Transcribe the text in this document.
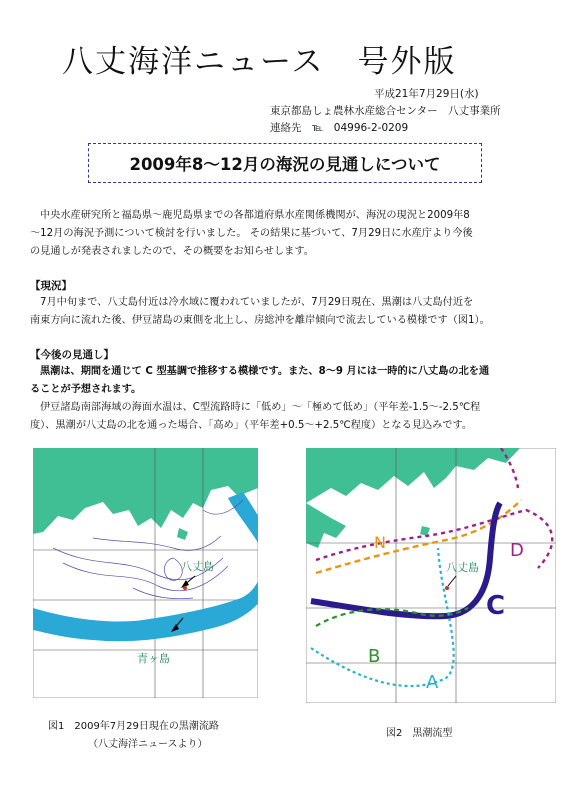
八丈海洋ニュース　号外版
平成21年7月29日(水)
東京都島しょ農林水産総合センター　八丈事業所
連絡先　℡　04996-2-0209
2009年8～12月の海況の見通しについて
中央水産研究所と福島県～鹿児島県までの各都道府県水産関係機関が、海況の現況と2009年8
～12月の海況予測について検討を行いました。 その結果に基づいて、7月29日に水産庁より今後
の見通しが発表されましたので、その概要をお知らせします。
【現況】
7月中旬まで、八丈島付近は冷水域に覆われていましたが、7月29日現在、黒潮は八丈島付近を
南東方向に流れた後、伊豆諸島の東側を北上し、房総沖を離岸傾向で流去している模様です（図1）。
【今後の見通し】
黒潮は、期間を通じて C 型基調で推移する模様です。また、8～9 月には一時的に八丈島の北を通
ることが予想されます。
伊豆諸島南部海域の海面水温は、C型流路時に「低め」～「極めて低め」（平年差-1.5～-2.5℃程
度）、黒潮が八丈島の北を通った場合、「高め」（平年差+0.5～+2.5℃程度）となる見込みです。
八丈島
青ヶ島
八丈島
N	D
C
B
A
図1　2009年7月29日現在の黒潮流路
（八丈海洋ニュースより）
図2　黒潮流型
